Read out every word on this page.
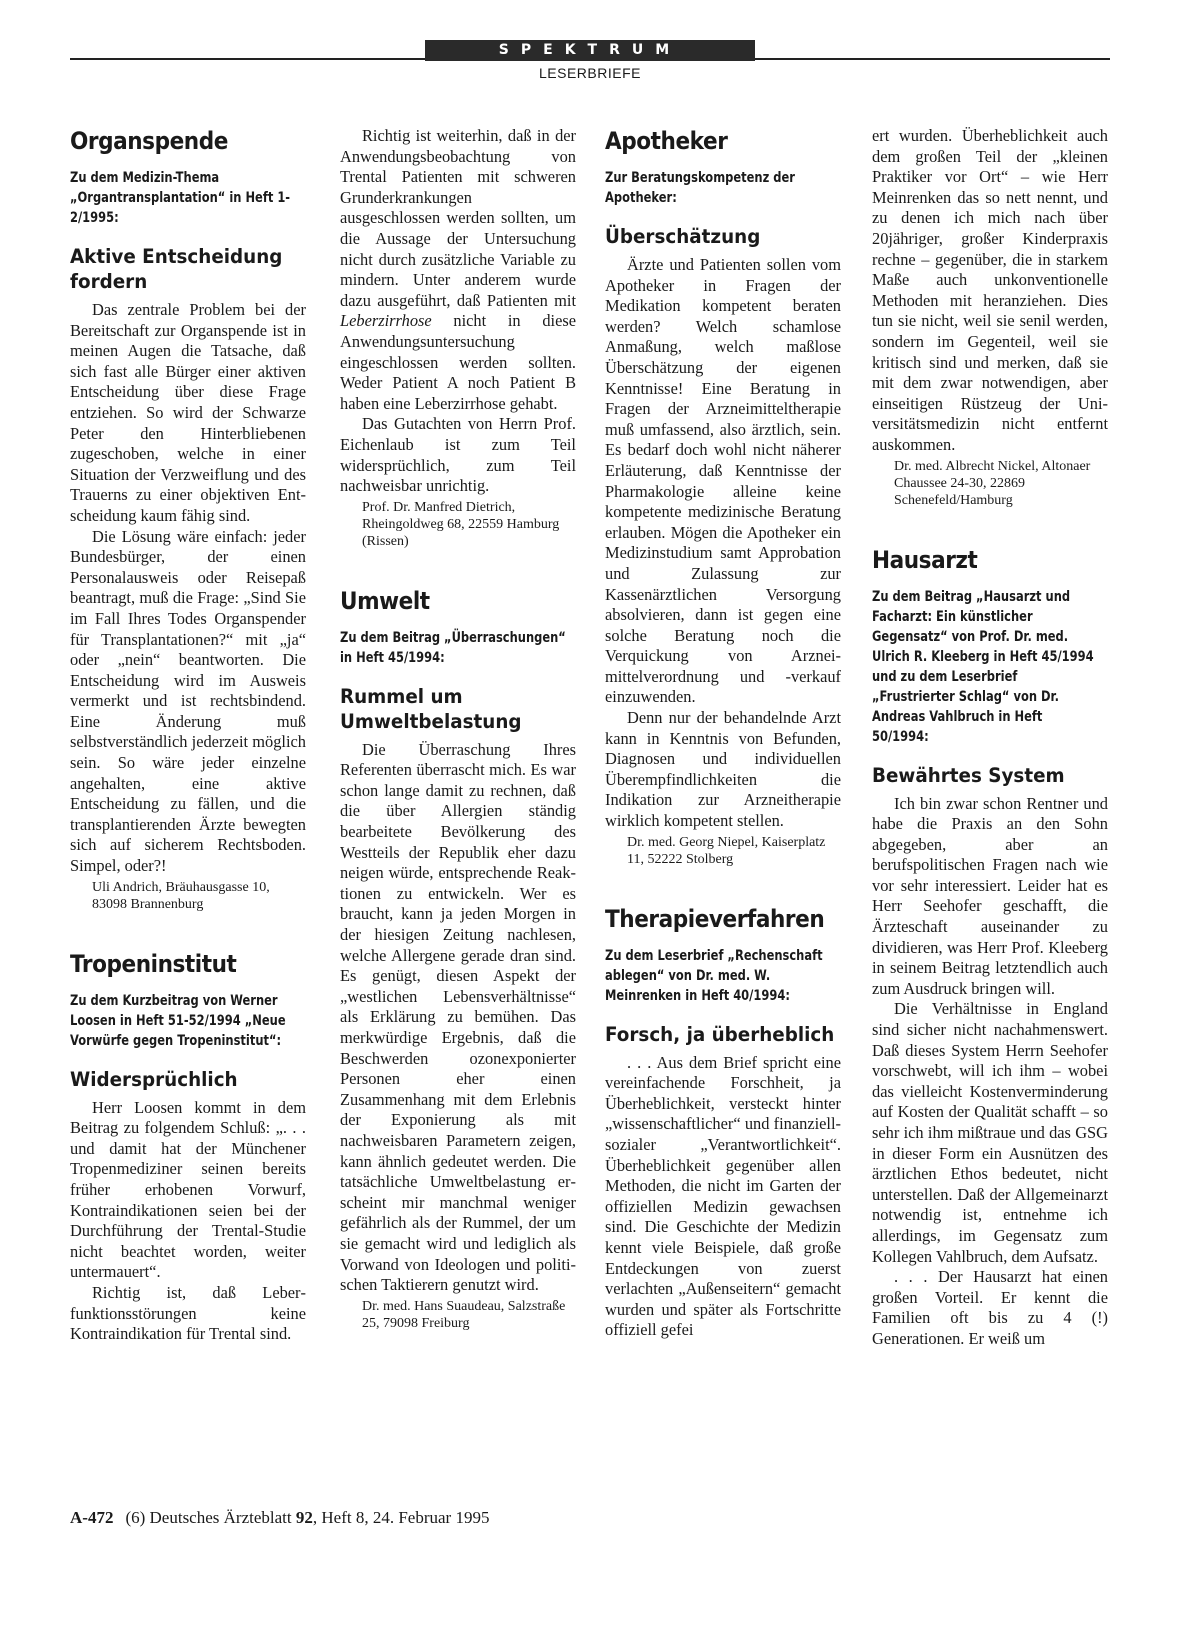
SPEKTRUM
LESERBRIEFE
Organspende
Zu dem Medizin-Thema „Organtransplantation“ in Heft 1-2/1995:
Aktive Entscheidung fordern

Das zentrale Problem bei der Bereitschaft zur Organspende ist in meinen Augen die Tatsache, daß sich fast alle Bürger einer aktiven Entscheidung über diese Frage entziehen. So wird der Schwarze Peter den Hinterbliebenen zugeschoben, welche in einer Situation der Verzweiflung und des Trauerns zu einer objektiven Entscheidung kaum fähig sind.

Die Lösung wäre einfach: jeder Bundesbürger, der einen Personalausweis oder Reisepaß beantragt, muß die Frage: „Sind Sie im Fall Ihres Todes Organspender für Transplantationen?“ mit „ja“ oder „nein“ beantworten. Die Entscheidung wird im Ausweis vermerkt und ist rechtsbindend. Eine Änderung muß selbstverständlich jederzeit möglich sein. So wäre jeder einzelne angehalten, eine aktive Entscheidung zu fällen, und die transplantierenden Ärzte bewegten sich auf sicherem Rechtsboden. Simpel, oder?!

Uli Andrich, Bräuhausgasse 10, 83098 Brannenburg
Tropeninstitut
Zu dem Kurzbeitrag von Werner Loosen in Heft 51-52/1994 „Neue Vorwürfe gegen Tropeninstitut“:
Widersprüchlich

Herr Loosen kommt in dem Beitrag zu folgendem Schluß: „. . . und damit hat der Münchener Tropenmediziner seinen bereits früher erhobenen Vorwurf, Kontraindikationen seien bei der Durchführung der Trental-Studie nicht beachtet worden, weiter untermauert“.

Richtig ist, daß Leberfunktionsstörungen keine Kontraindikation für Trental sind.

Richtig ist weiterhin, daß in der Anwendungsbeobachtung von Trental Patienten mit schweren Grunderkrankungen ausgeschlossen werden sollten, um die Aussage der Untersuchung nicht durch zusätzliche Variable zu mindern. Unter anderem wurde dazu ausgeführt, daß Patienten mit Leberzirrhose nicht in diese Anwendungsuntersuchung eingeschlossen werden sollten. Weder Patient A noch Patient B haben eine Leberzirrhose gehabt.

Das Gutachten von Herrn Prof. Eichenlaub ist zum Teil widersprüchlich, zum Teil nachweisbar unrichtig.

Prof. Dr. Manfred Dietrich, Rheingoldweg 68, 22559 Hamburg (Rissen)
Umwelt
Zu dem Beitrag „Überraschungen“ in Heft 45/1994:
Rummel um Umweltbelastung

Die Überraschung Ihres Referenten überrascht mich. Es war schon lange damit zu rechnen, daß die über Allergien ständig bearbeitete Bevölkerung des Westteils der Republik eher dazu neigen würde, entsprechende Reaktionen zu entwickeln. Wer es braucht, kann ja jeden Morgen in der hiesigen Zeitung nachlesen, welche Allergene gerade dran sind. Es genügt, diesen Aspekt der „westlichen Lebensverhältnisse“ als Erklärung zu bemühen. Das merkwürdige Ergebnis, daß die Beschwerden ozonexponierter Personen eher einen Zusammenhang mit dem Erlebnis der Exponierung als mit nachweisbaren Parametern zeigen, kann ähnlich gedeutet werden. Die tatsächliche Umweltbelastung erscheint mir manchmal weniger gefährlich als der Rummel, der um sie gemacht wird und lediglich als Vorwand von Ideologen und politischen Taktierern genutzt wird.

Dr. med. Hans Suaudeau, Salzstraße 25, 79098 Freiburg
Apotheker
Zur Beratungskompetenz der Apotheker:
Überschätzung

Ärzte und Patienten sollen vom Apotheker in Fragen der Medikation kompetent beraten werden? Welch schamlose Anmaßung, welch maßlose Überschätzung der eigenen Kenntnisse! Eine Beratung in Fragen der Arzneimitteltherapie muß umfassend, also ärztlich, sein. Es bedarf doch wohl nicht näherer Erläuterung, daß Kenntnisse der Pharmakologie alleine keine kompetente medizinische Beratung erlauben. Mögen die Apotheker ein Medizinstudium samt Approbation und Zulassung zur Kassenärztlichen Versorgung absolvieren, dann ist gegen eine solche Beratung noch die Verquickung von Arzneimittelverordnung und -verkauf einzuwenden.

Denn nur der behandelnde Arzt kann in Kenntnis von Befunden, Diagnosen und individuellen Überempfindlichkeiten die Indikation zur Arzneitherapie wirklich kompetent stellen.

Dr. med. Georg Niepel, Kaiserplatz 11, 52222 Stolberg
Therapieverfahren
Zu dem Leserbrief „Rechenschaft ablegen“ von Dr. med. W. Meinrenken in Heft 40/1994:
Forsch, ja überheblich

. . . Aus dem Brief spricht eine vereinfachende Forschheit, ja Überheblichkeit, versteckt hinter „wissenschaftlicher“ und finanziell-sozialer „Verantwortlichkeit“. Überheblichkeit gegenüber allen Methoden, die nicht im Garten der offiziellen Medizin gewachsen sind. Die Geschichte der Medizin kennt viele Beispiele, daß große Entdeckungen von zuerst verlachten „Außenseitern“ gemacht wurden und später als Fortschritte offiziell gefei

ert wurden. Überheblichkeit auch dem großen Teil der „kleinen Praktiker vor Ort“ – wie Herr Meinrenken das so nett nennt, und zu denen ich mich nach über 20jähriger, großer Kinderpraxis rechne – gegenüber, die in starkem Maße auch unkonventionelle Methoden mit heranziehen. Dies tun sie nicht, weil sie senil werden, sondern im Gegenteil, weil sie kritisch sind und merken, daß sie mit dem zwar notwendigen, aber einseitigen Rüstzeug der Universitätsmedizin nicht entfernt auskommen.

Dr. med. Albrecht Nickel, Altonaer Chaussee 24-30, 22869 Schenefeld/Hamburg
Hausarzt
Zu dem Beitrag „Hausarzt und Facharzt: Ein künstlicher Gegensatz“ von Prof. Dr. med. Ulrich R. Kleeberg in Heft 45/1994 und zu dem Leserbrief „Frustrierter Schlag“ von Dr. Andreas Vahlbruch in Heft 50/1994:
Bewährtes System

Ich bin zwar schon Rentner und habe die Praxis an den Sohn abgegeben, aber an berufspolitischen Fragen nach wie vor sehr interessiert. Leider hat es Herr Seehofer geschafft, die Ärzteschaft auseinander zu dividieren, was Herr Prof. Kleeberg in seinem Beitrag letztendlich auch zum Ausdruck bringen will.

Die Verhältnisse in England sind sicher nicht nachahmenswert. Daß dieses System Herrn Seehofer vorschwebt, will ich ihm – wobei das vielleicht Kostenverminderung auf Kosten der Qualität schafft – so sehr ich ihm mißtraue und das GSG in dieser Form ein Ausnützen des ärztlichen Ethos bedeutet, nicht unterstellen. Daß der Allgemeinarzt notwendig ist, entnehme ich allerdings, im Gegensatz zum Kollegen Vahlbruch, dem Aufsatz.

. . . Der Hausarzt hat einen großen Vorteil. Er kennt die Familien oft bis zu 4 (!) Generationen. Er weiß um

A-472 (6) Deutsches Ärzteblatt 92, Heft 8, 24. Februar 1995
